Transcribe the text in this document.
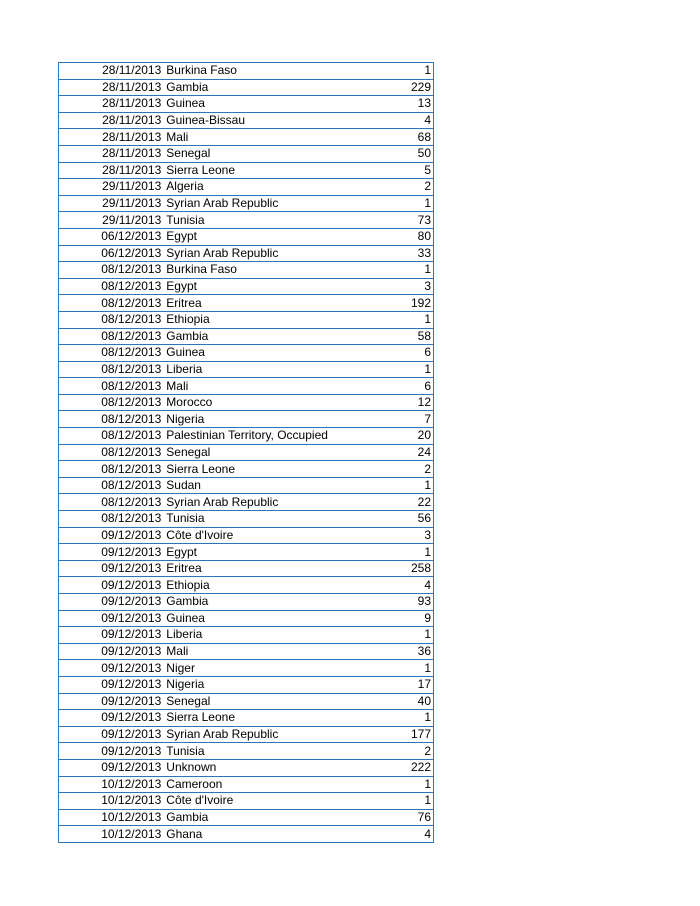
28/11/2013	Burkina Faso	1
28/11/2013	Gambia	229
28/11/2013	Guinea	13
28/11/2013	Guinea-Bissau	4
28/11/2013	Mali	68
28/11/2013	Senegal	50
28/11/2013	Sierra Leone	5
29/11/2013	Algeria	2
29/11/2013	Syrian Arab Republic	1
29/11/2013	Tunisia	73
06/12/2013	Egypt	80
06/12/2013	Syrian Arab Republic	33
08/12/2013	Burkina Faso	1
08/12/2013	Egypt	3
08/12/2013	Eritrea	192
08/12/2013	Ethiopia	1
08/12/2013	Gambia	58
08/12/2013	Guinea	6
08/12/2013	Liberia	1
08/12/2013	Mali	6
08/12/2013	Morocco	12
08/12/2013	Nigeria	7
08/12/2013	Palestinian Territory, Occupied	20
08/12/2013	Senegal	24
08/12/2013	Sierra Leone	2
08/12/2013	Sudan	1
08/12/2013	Syrian Arab Republic	22
08/12/2013	Tunisia	56
09/12/2013	Côte d'Ivoire	3
09/12/2013	Egypt	1
09/12/2013	Eritrea	258
09/12/2013	Ethiopia	4
09/12/2013	Gambia	93
09/12/2013	Guinea	9
09/12/2013	Liberia	1
09/12/2013	Mali	36
09/12/2013	Niger	1
09/12/2013	Nigeria	17
09/12/2013	Senegal	40
09/12/2013	Sierra Leone	1
09/12/2013	Syrian Arab Republic	177
09/12/2013	Tunisia	2
09/12/2013	Unknown	222
10/12/2013	Cameroon	1
10/12/2013	Côte d'Ivoire	1
10/12/2013	Gambia	76
10/12/2013	Ghana	4
